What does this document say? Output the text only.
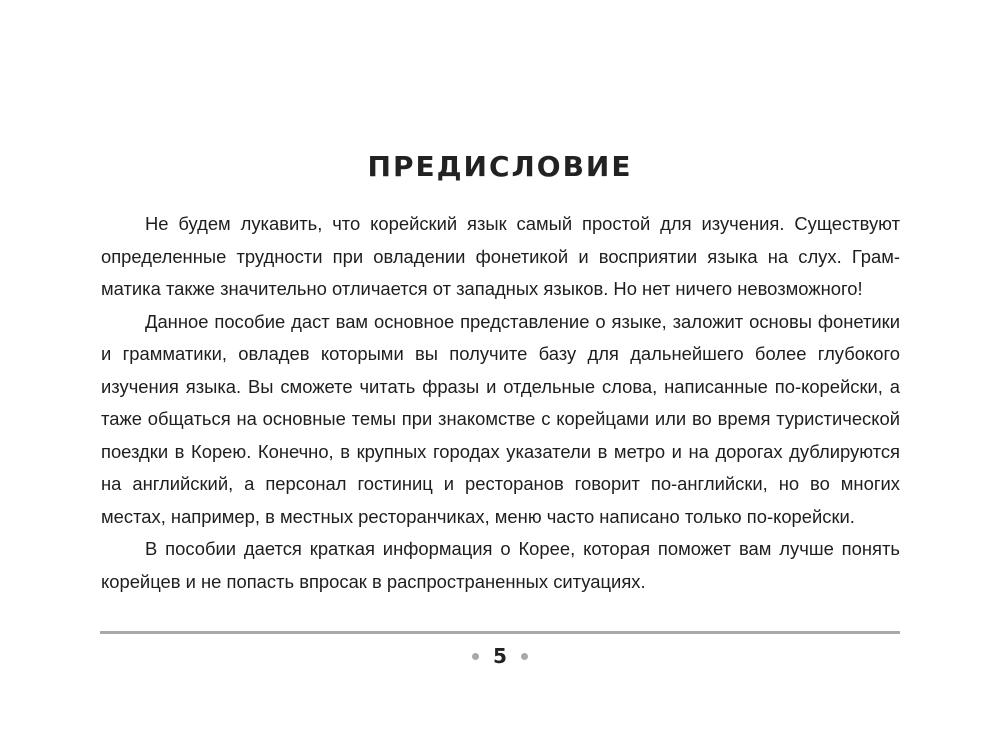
ПРЕДИСЛОВИЕ

Не будем лукавить, что корейский язык самый простой для изучения. Существуют определенные трудности при овладении фонетикой и восприятии языка на слух. Грамматика также значительно отличается от западных языков. Но нет ничего невозможного!

Данное пособие даст вам основное представление о языке, заложит основы фонетики и грамматики, овладев которыми вы получите базу для дальнейшего более глубокого изучения языка. Вы сможете читать фразы и отдельные слова, написанные по-корейски, а таже общаться на основные темы при знакомстве с корейцами или во время туристической поездки в Корею. Конечно, в крупных городах указатели в метро и на дорогах дублируются на английский, а персонал гостиниц и ресторанов говорит по-английски, но во многих местах, например, в местных ресторанчиках, меню часто написано только по-корейски.

В пособии дается краткая информация о Корее, которая поможет вам лучше понять корейцев и не попасть впросак в распространенных ситуациях.

5
